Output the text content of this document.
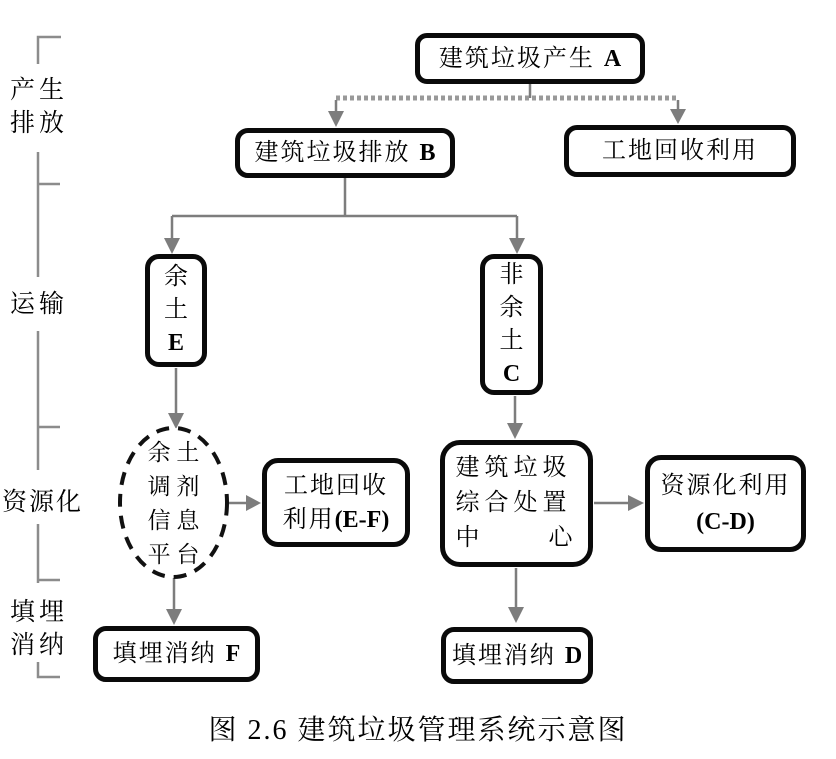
产生
排放
运输
资源化
填埋
消纳
建筑垃圾产生 A
建筑垃圾排放 B	工地回收利用
余
土
E
非
余
土
C
余 土
调 剂
信 息
平 台
工地回收
利用(E-F)
建筑垃圾
综合处置
中	心
资源化利用
(C-D)
填埋消纳 F	填埋消纳 D
图 2.6 建筑垃圾管理系统示意图
